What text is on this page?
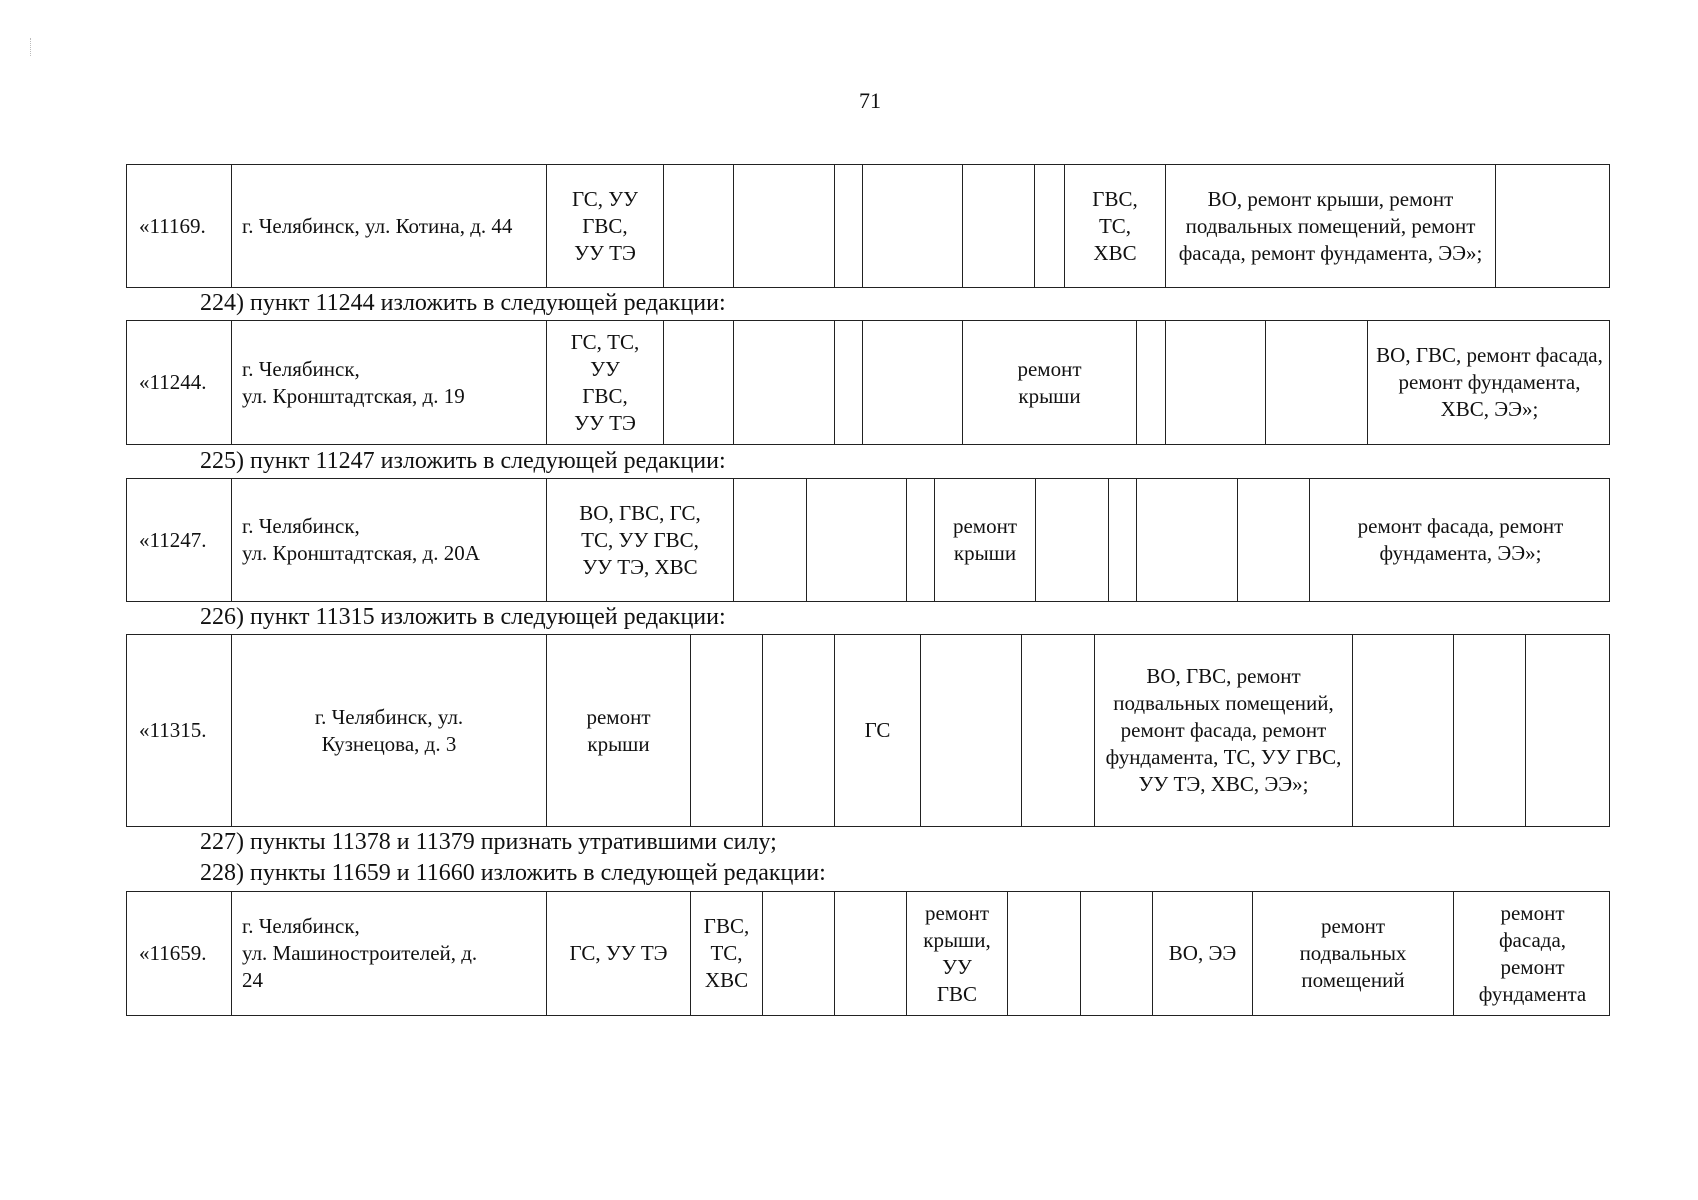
71
«11169.	г. Челябинск, ул. Котина, д. 44
ГС, УУ
ГВС,
УУ ТЭ
ГВС,
ТС,
ХВС
ВО, ремонт крыши, ремонт подвальных помещений, ремонт фасада, ремонт фундамента, ЭЭ»;
224) пункт 11244 изложить в следующей редакции:
«11244.
г. Челябинск,
ул. Кронштадтская, д. 19
ГС, ТС,
УУ
ГВС,
УУ ТЭ
ремонт
крыши
ВО, ГВС, ремонт фасада, ремонт фундамента, ХВС, ЭЭ»;
225) пункт 11247 изложить в следующей редакции:
«11247.
г. Челябинск,
ул. Кронштадтская, д. 20А
ВО, ГВС, ГС,
ТС, УУ ГВС,
УУ ТЭ, ХВС
ремонт
крыши
ремонт фасада, ремонт
фундамента, ЭЭ»;
226) пункт 11315 изложить в следующей редакции:
«11315.
г. Челябинск, ул.
Кузнецова, д. 3
ремонт
крыши
ГС
ВО, ГВС, ремонт подвальных помещений, ремонт фасада, ремонт фундамента, ТС, УУ ГВС, УУ ТЭ, ХВС, ЭЭ»;
227) пункты 11378 и 11379 признать утратившими силу;
228) пункты 11659 и 11660 изложить в следующей редакции:
«11659.
г. Челябинск,
ул. Машиностроителей, д.
24
ГС, УУ ТЭ
ГВС,
ТС,
ХВС
ремонт
крыши,
УУ
ГВС
ВО, ЭЭ
ремонт
подвальных
помещений
ремонт
фасада,
ремонт
фундамента
